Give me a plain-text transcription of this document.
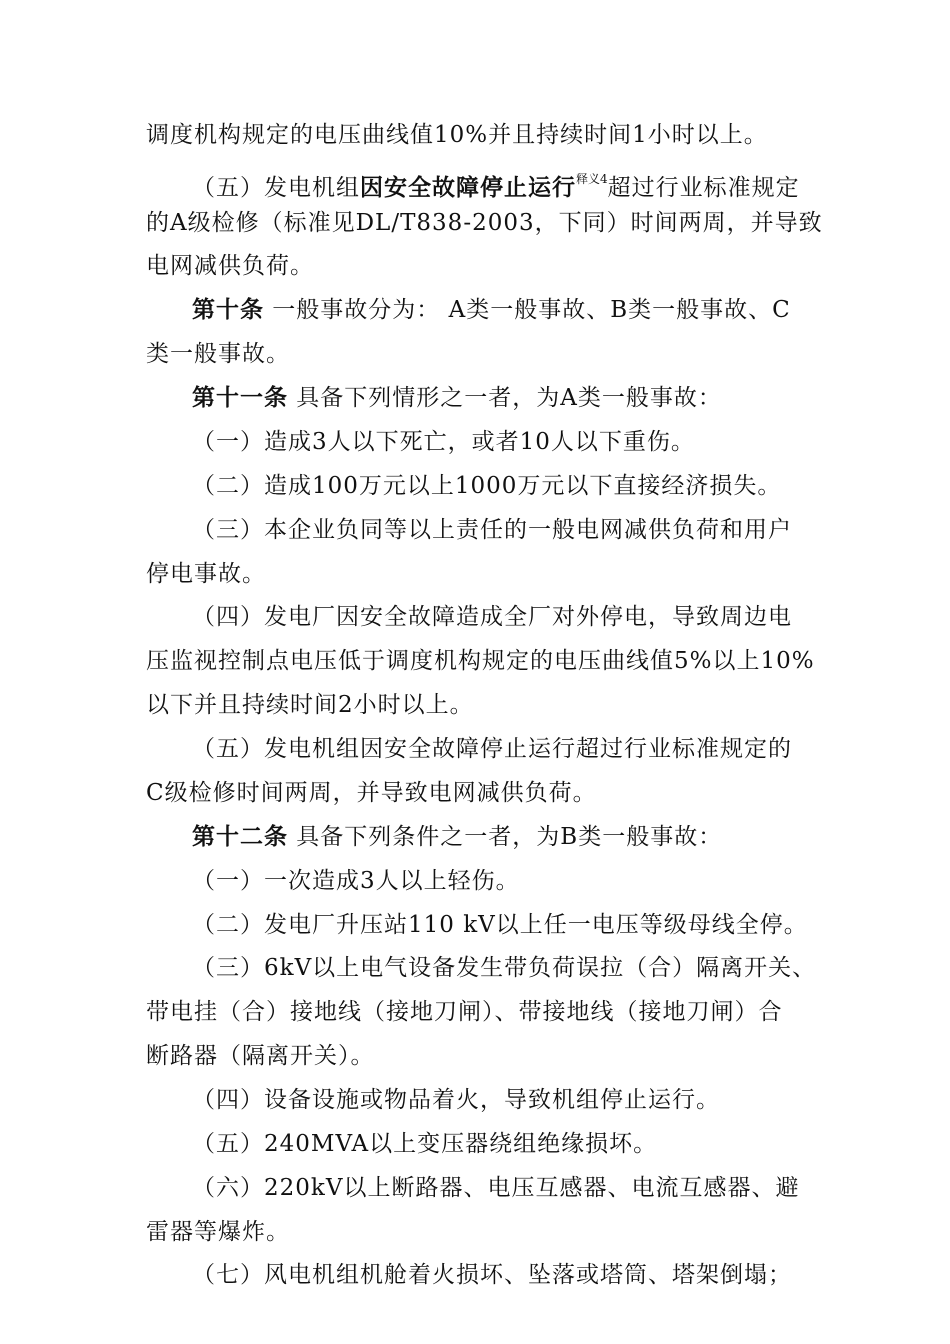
调度机构规定的电压曲线值10%并且持续时间1小时以上。
（五）发电机组因安全故障停止运行$^{释义4}$超过行业标准规定
的A级检修（标准见DL/T838-2003，下同）时间两周，并导致
电网减供负荷。
第十条 一般事故分为： A类一般事故、B类一般事故、C
类一般事故。
第十一条 具备下列情形之一者，为A类一般事故：
（一）造成3人以下死亡，或者10人以下重伤。
（二）造成100万元以上1000万元以下直接经济损失。
（三）本企业负同等以上责任的一般电网减供负荷和用户
停电事故。
（四）发电厂因安全故障造成全厂对外停电，导致周边电
压监视控制点电压低于调度机构规定的电压曲线值5%以上10%
以下并且持续时间2小时以上。
（五）发电机组因安全故障停止运行超过行业标准规定的
C级检修时间两周，并导致电网减供负荷。
第十二条 具备下列条件之一者，为B类一般事故：
（一）一次造成3人以上轻伤。
（二）发电厂升压站110 kV以上任一电压等级母线全停。
（三）6kV以上电气设备发生带负荷误拉（合）隔离开关、
带电挂（合）接地线（接地刀闸）、带接地线（接地刀闸）合
断路器（隔离开关）。
（四）设备设施或物品着火，导致机组停止运行。
（五）240MVA以上变压器绕组绝缘损坏。
（六）220kV以上断路器、电压互感器、电流互感器、避
雷器等爆炸。
（七）风电机组机舱着火损坏、坠落或塔筒、塔架倒塌；
